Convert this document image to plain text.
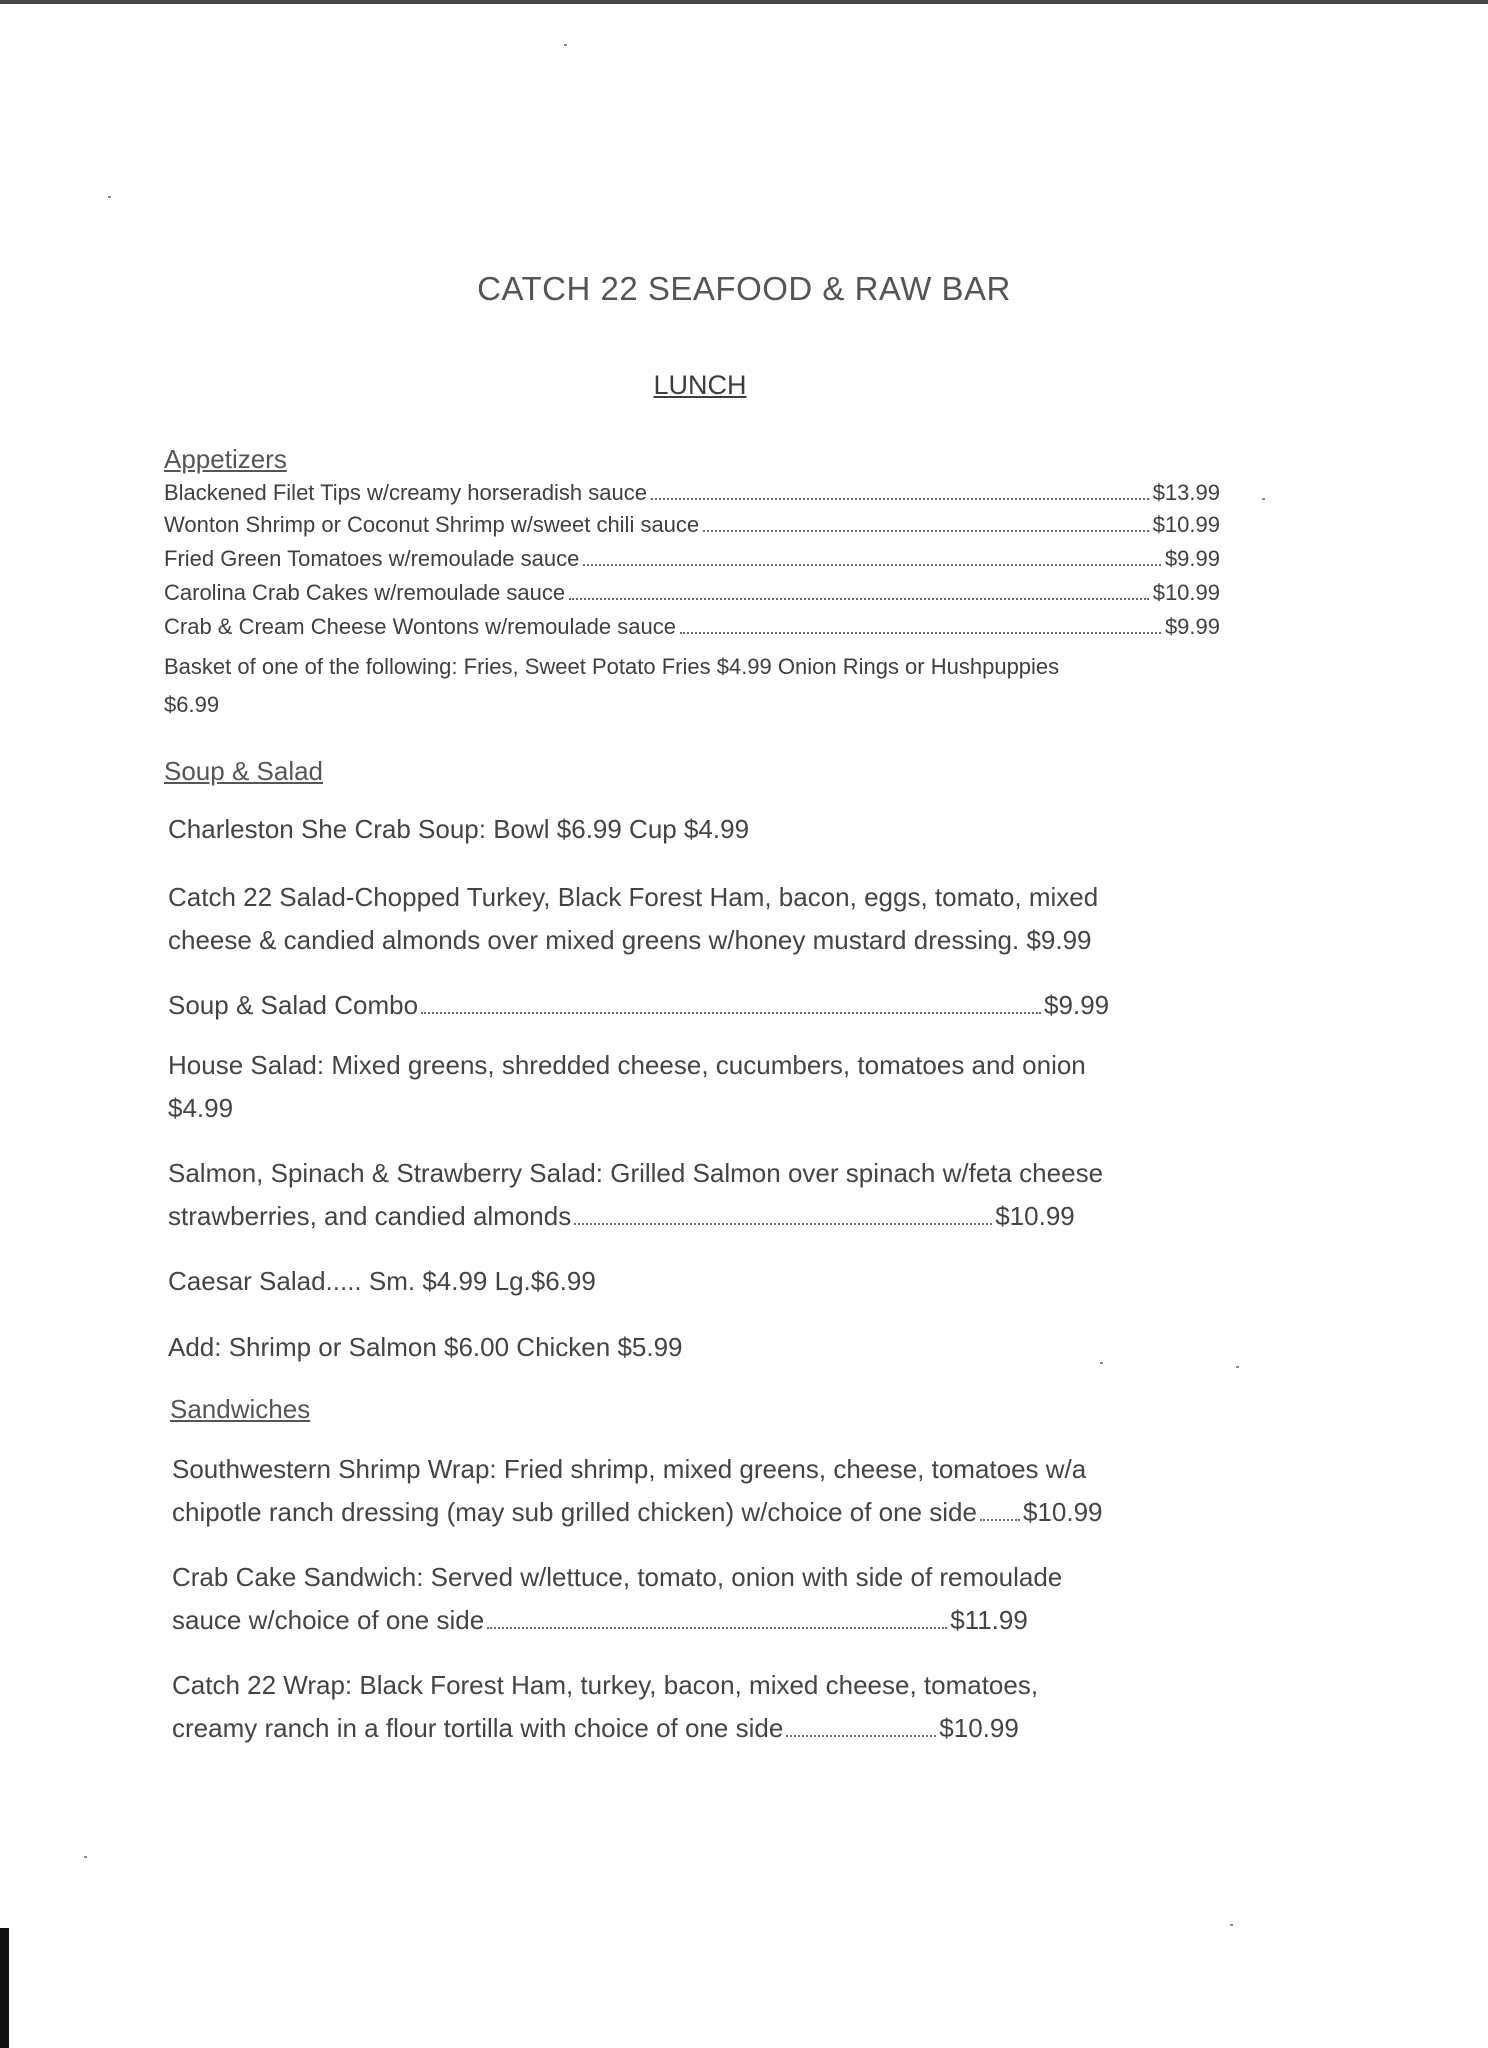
CATCH 22 SEAFOOD & RAW BAR
LUNCH
Appetizers
Blackened Filet Tips w/creamy horseradish sauce	$13.99
Wonton Shrimp or Coconut Shrimp w/sweet chili sauce	$10.99
Fried Green Tomatoes w/remoulade sauce	$9.99
Carolina Crab Cakes w/remoulade sauce	$10.99
Crab & Cream Cheese Wontons w/remoulade sauce	$9.99
Basket of one of the following: Fries, Sweet Potato Fries $4.99 Onion Rings or Hushpuppies
$6.99
Soup & Salad
Charleston She Crab Soup: Bowl $6.99 Cup $4.99
Catch 22 Salad-Chopped Turkey, Black Forest Ham, bacon, eggs, tomato, mixed
cheese & candied almonds over mixed greens w/honey mustard dressing. $9.99
Soup & Salad Combo	$9.99
House Salad: Mixed greens, shredded cheese, cucumbers, tomatoes and onion
$4.99
Salmon, Spinach & Strawberry Salad: Grilled Salmon over spinach w/feta cheese
strawberries, and candied almonds	$10.99
Caesar Salad..... Sm. $4.99 Lg.$6.99
Add: Shrimp or Salmon $6.00 Chicken $5.99
Sandwiches
Southwestern Shrimp Wrap: Fried shrimp, mixed greens, cheese, tomatoes w/a
chipotle ranch dressing (may sub grilled chicken) w/choice of one side $10.99
Crab Cake Sandwich: Served w/lettuce, tomato, onion with side of remoulade
sauce w/choice of one side	$11.99
Catch 22 Wrap: Black Forest Ham, turkey, bacon, mixed cheese, tomatoes,
creamy ranch in a flour tortilla with choice of one side	$10.99
